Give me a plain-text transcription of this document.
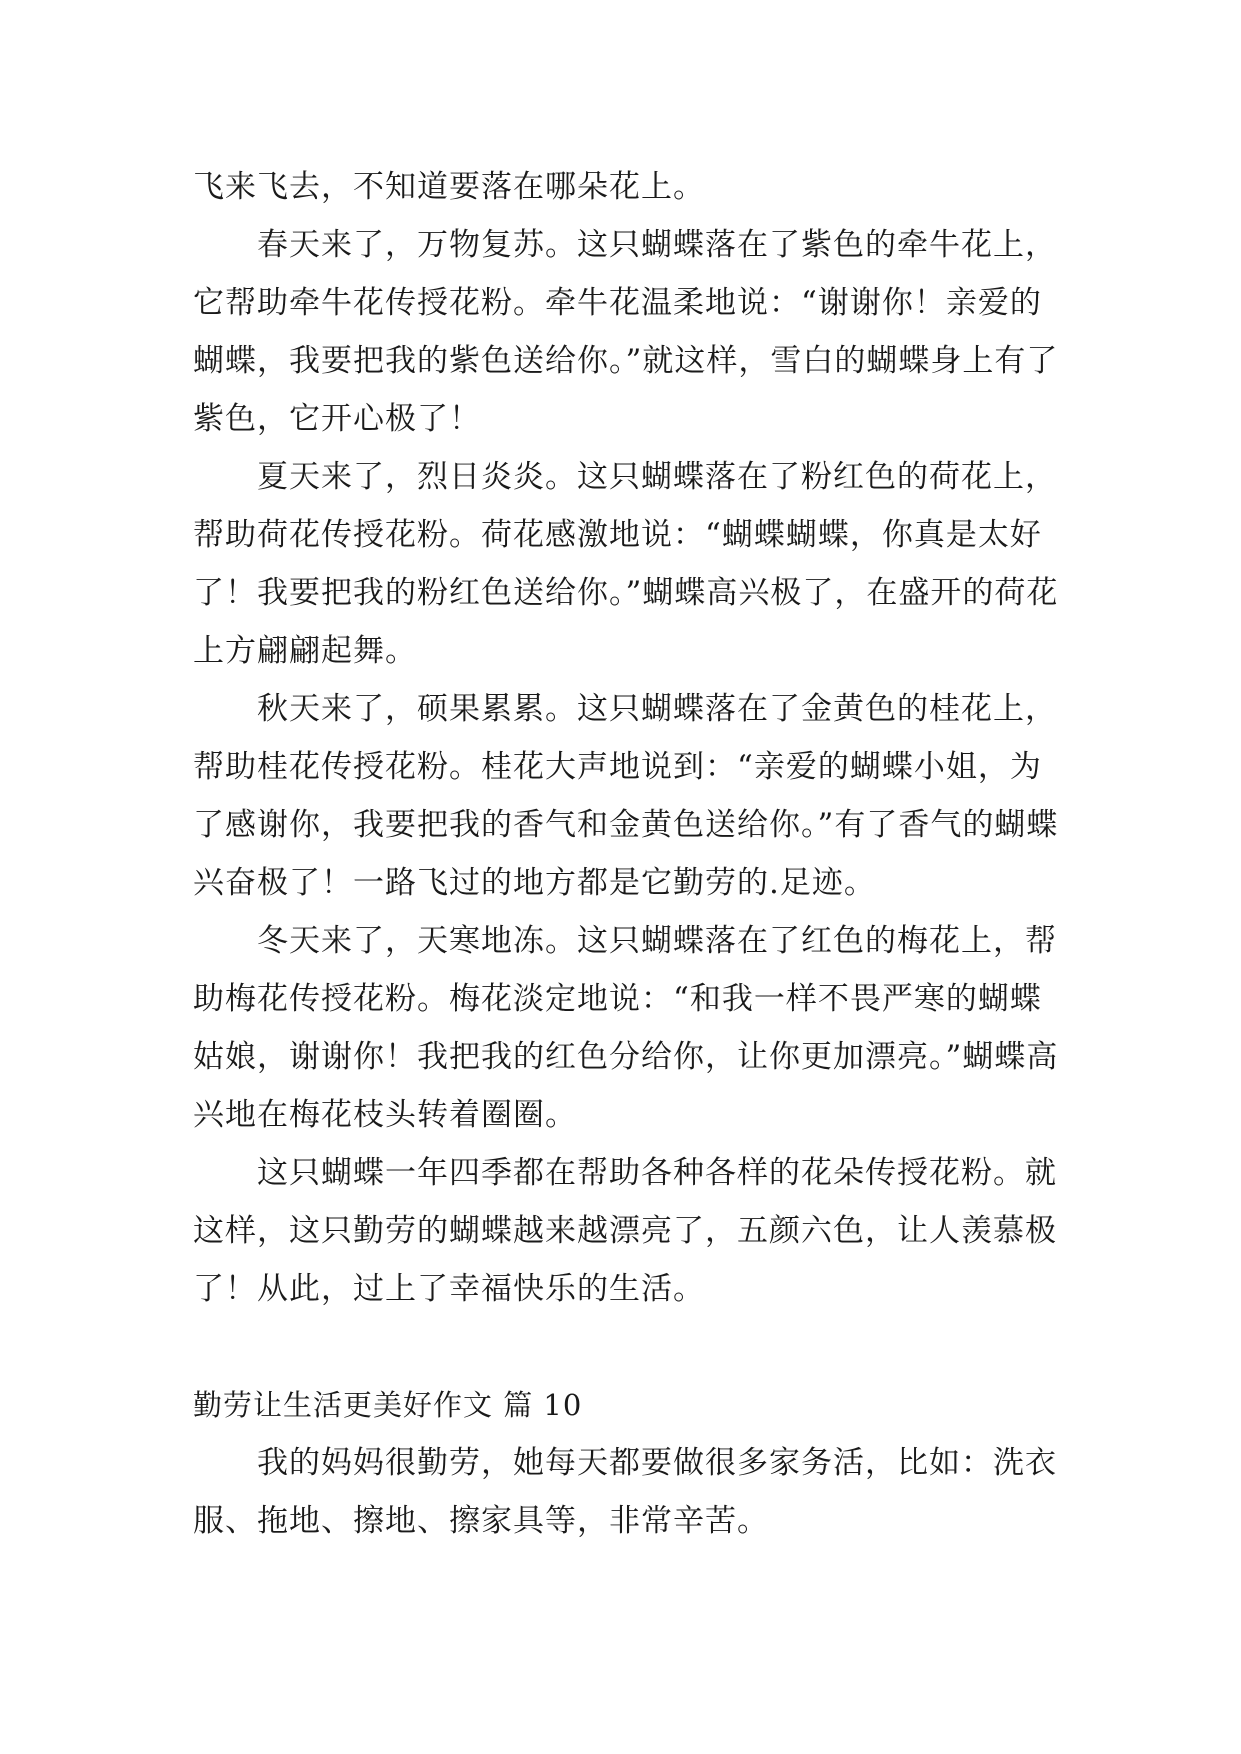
飞来飞去，不知道要落在哪朵花上。

春天来了，万物复苏。这只蝴蝶落在了紫色的牵牛花上，它帮助牵牛花传授花粉。牵牛花温柔地说：“谢谢你！亲爱的蝴蝶，我要把我的紫色送给你。”就这样，雪白的蝴蝶身上有了紫色，它开心极了！

夏天来了，烈日炎炎。这只蝴蝶落在了粉红色的荷花上，帮助荷花传授花粉。荷花感激地说：“蝴蝶蝴蝶，你真是太好了！我要把我的粉红色送给你。”蝴蝶高兴极了，在盛开的荷花上方翩翩起舞。

秋天来了，硕果累累。这只蝴蝶落在了金黄色的桂花上，帮助桂花传授花粉。桂花大声地说到：“亲爱的蝴蝶小姐，为了感谢你，我要把我的香气和金黄色送给你。”有了香气的蝴蝶兴奋极了！一路飞过的地方都是它勤劳的.足迹。

冬天来了，天寒地冻。这只蝴蝶落在了红色的梅花上，帮助梅花传授花粉。梅花淡定地说：“和我一样不畏严寒的蝴蝶姑娘，谢谢你！我把我的红色分给你，让你更加漂亮。”蝴蝶高兴地在梅花枝头转着圈圈。

这只蝴蝶一年四季都在帮助各种各样的花朵传授花粉。就这样，这只勤劳的蝴蝶越来越漂亮了，五颜六色，让人羡慕极了！从此，过上了幸福快乐的生活。

勤劳让生活更美好作文 篇 10

我的妈妈很勤劳，她每天都要做很多家务活，比如：洗衣服、拖地、擦地、擦家具等，非常辛苦。
